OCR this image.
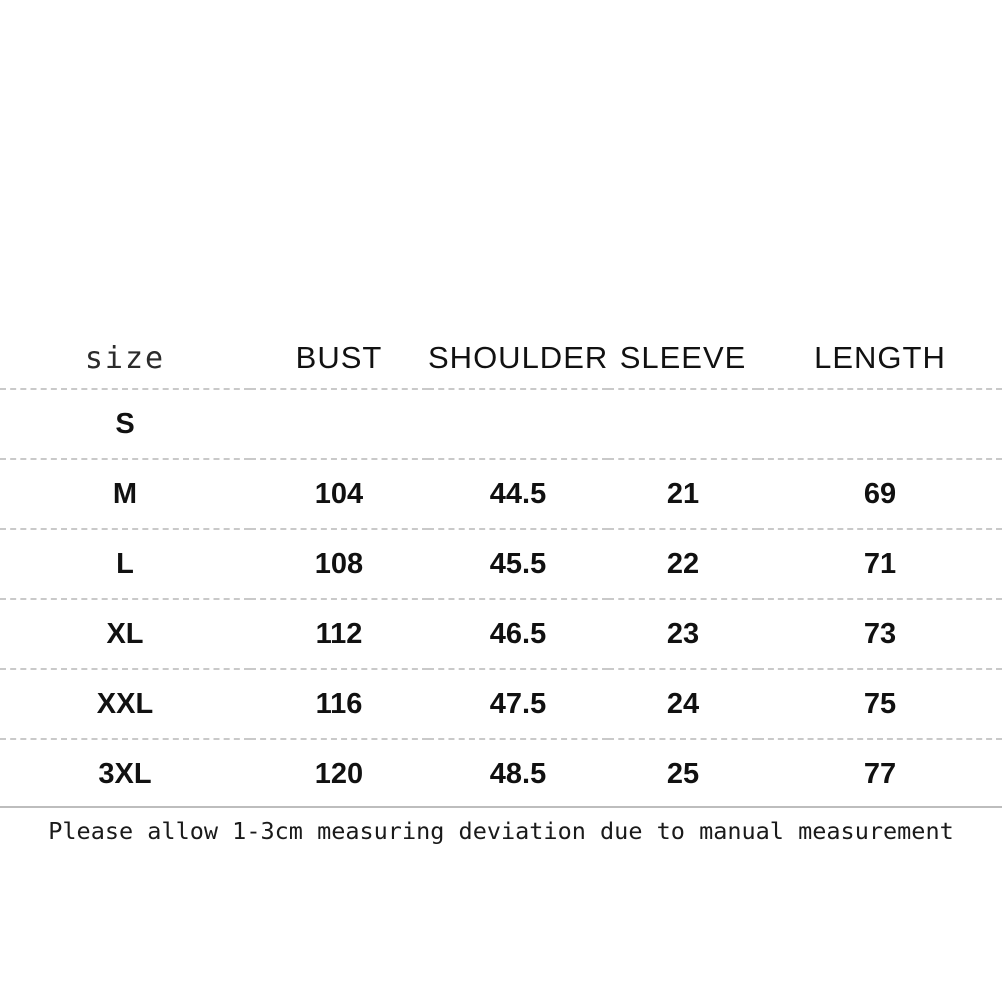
size	BUST	SHOULDER	SLEEVE	LENGTH
S				
M	104	44.5	21	69
L	108	45.5	22	71
XL	112	46.5	23	73
XXL	116	47.5	24	75
3XL	120	48.5	25	77
Please allow 1-3cm measuring deviation due to manual measurement
